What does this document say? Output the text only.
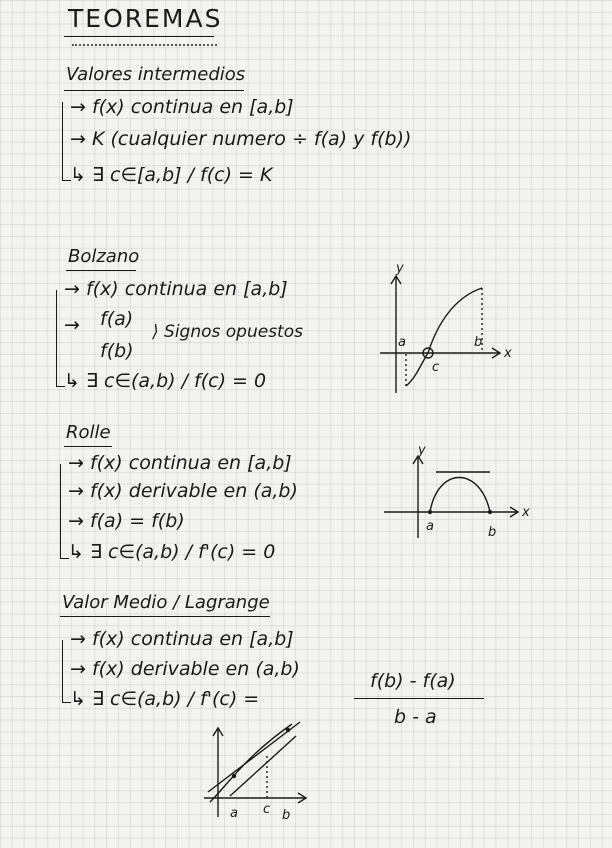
TEOREMAS
Valores intermedios
→ f(x) continua en [a,b]
→ K (cualquier numero ÷ f(a) y f(b))
↳ ∃ c∈[a,b] / f(c) = K
Bolzano
→ f(x) continua en [a,b]
→ f(a)
f(b)
⟩ Signos opuestos
↳ ∃ c∈(a,b) / f(c) = 0
y
x
a	b
c
Rolle
→ f(x) continua en [a,b]
→ f(x) derivable en (a,b)
→ f(a) = f(b)
↳ ∃ c∈(a,b) / f'(c) = 0
y
x
a	b
Valor Medio / Lagrange
→ f(x) continua en [a,b]
→ f(x) derivable en (a,b)
↳ ∃ c∈(a,b) / f'(c) =
f(b) - f(a)
b - a
a c b
